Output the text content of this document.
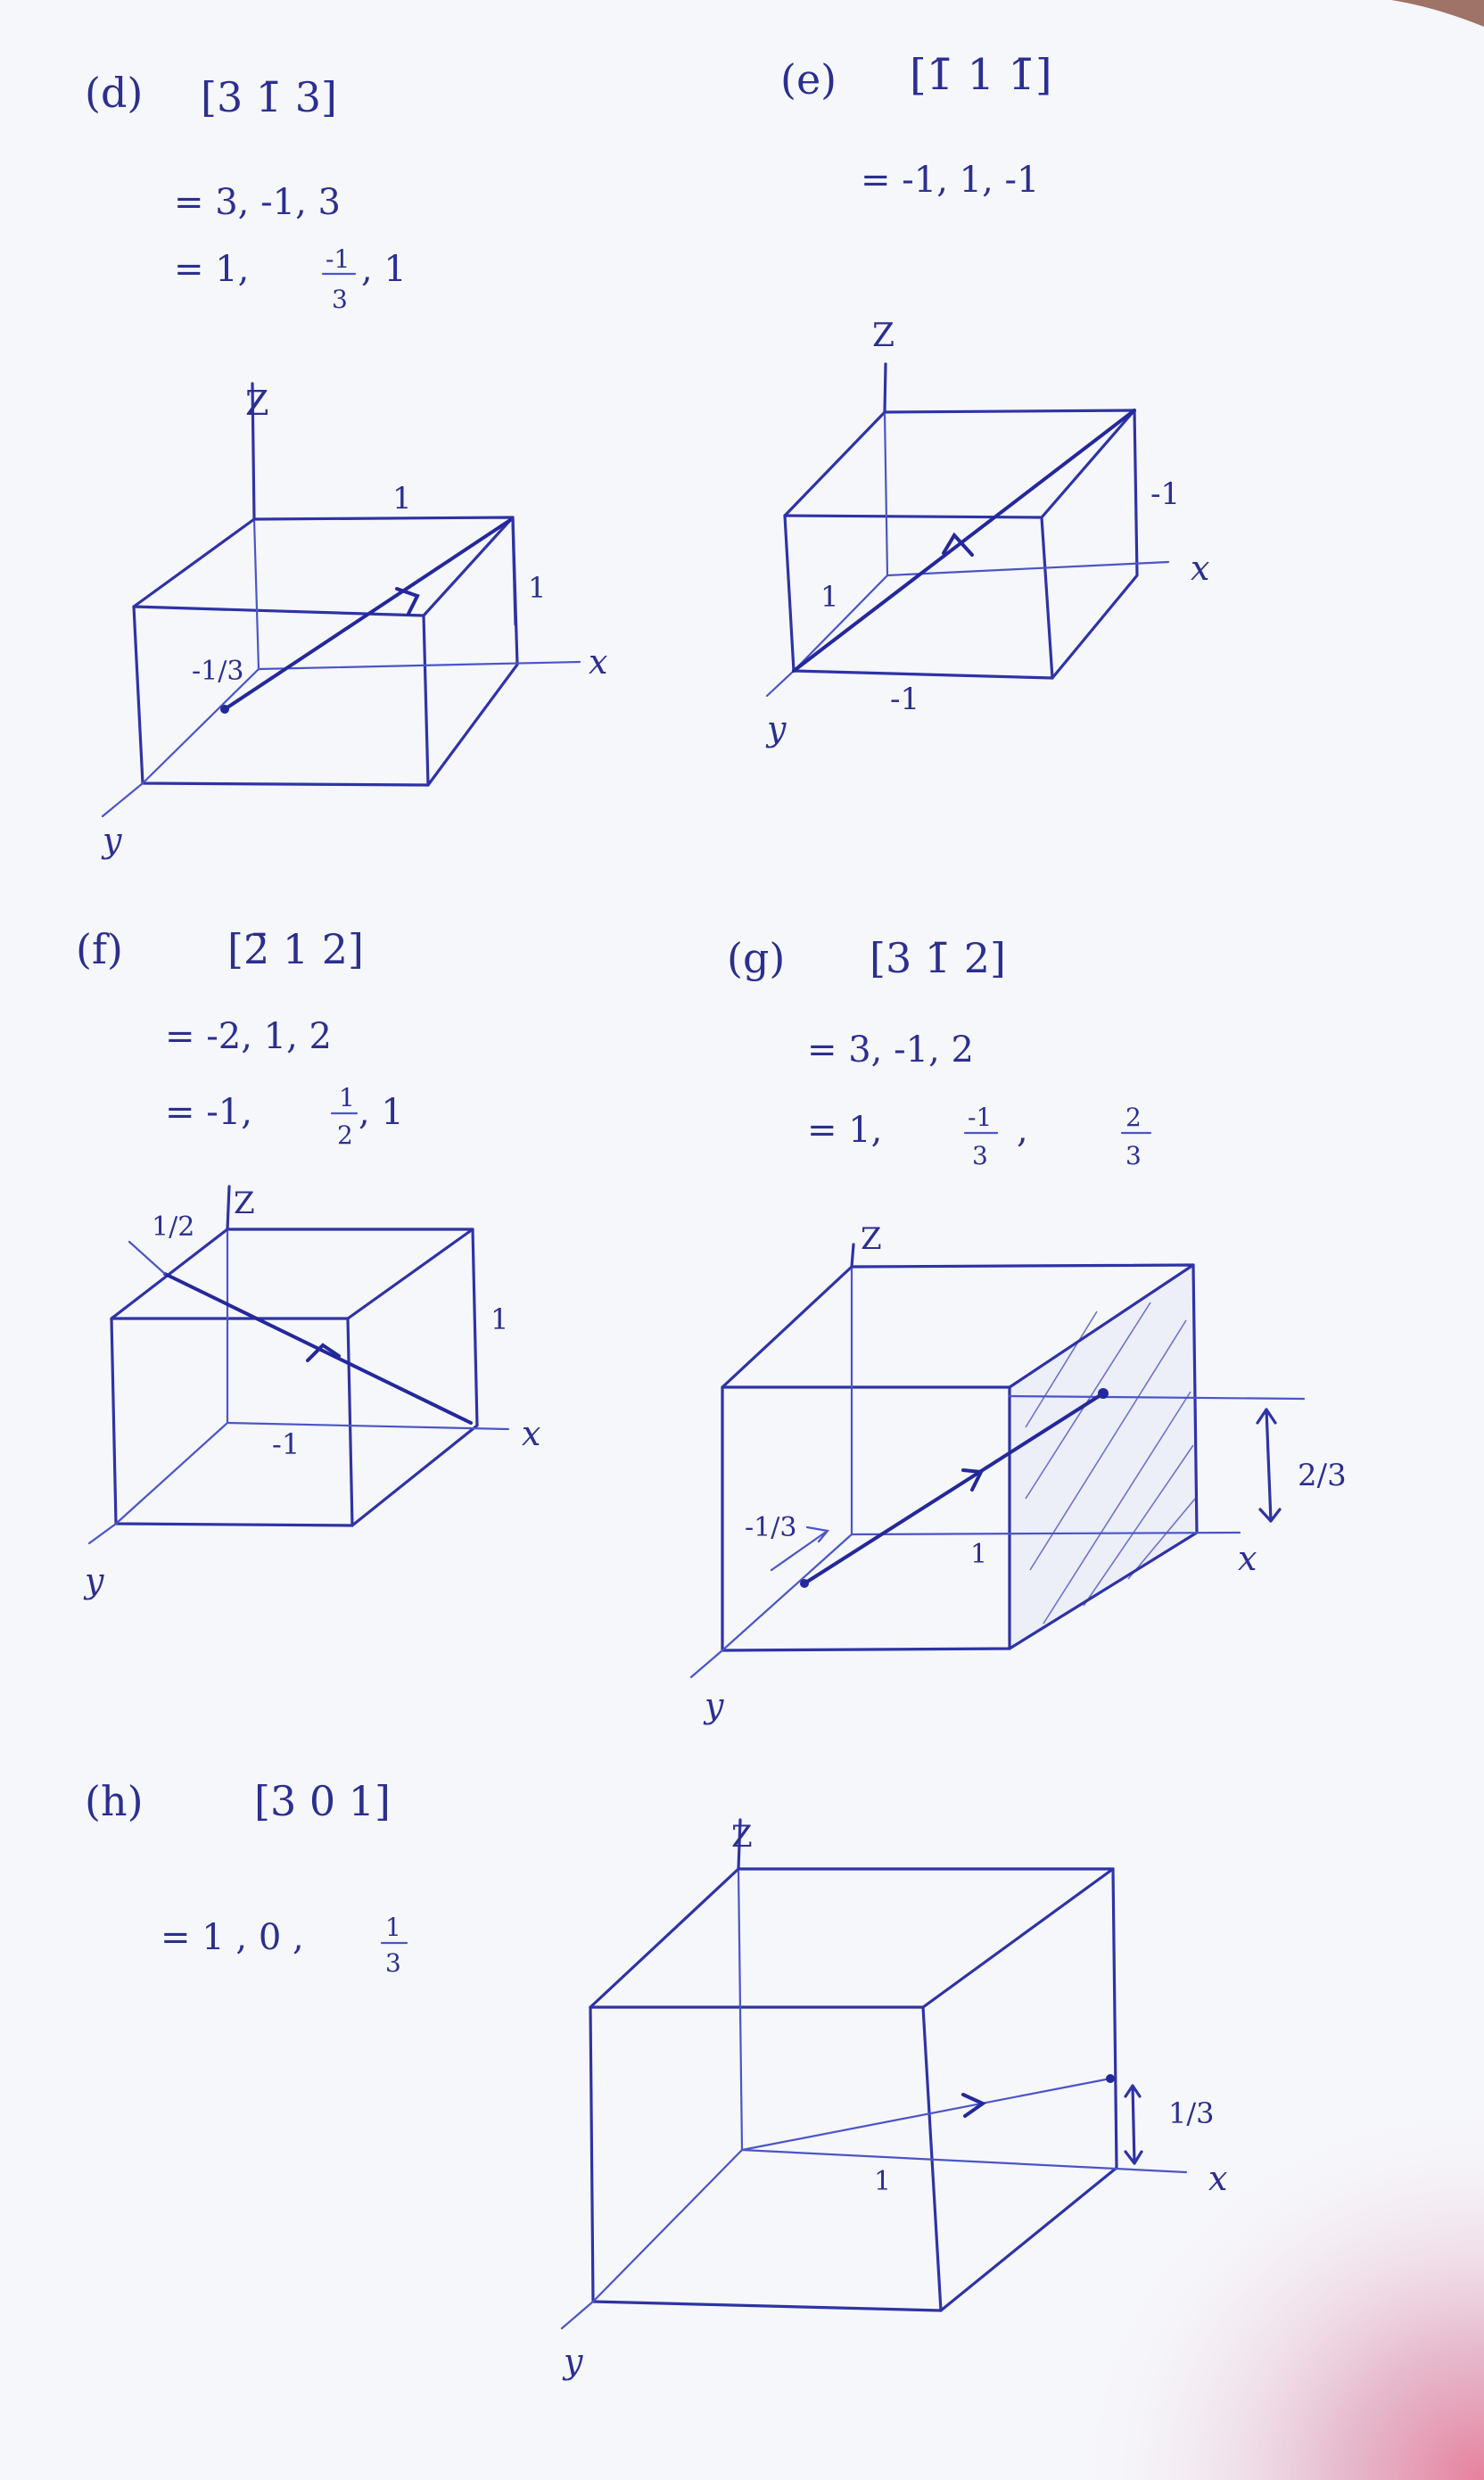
(d) [3 1̄ 3]
= 3, -1, 3
= 1,	-1
3
, 1
Z
x
y
1
1
-1/3
(e) [1̄ 1 1̄]
= -1, 1, -1
Z
x
y
-1
1
-1
(f)	[2̄ 1 2]
= -2, 1, 2
= -1,	1
2
, 1
Z
x
y
1/2
1
-1
(g) [3 1̄ 2]
= 3, -1, 2
= 1,	-1
3
,	2
3
Z
x
y
2/3
-1/3
1
(h)	[3 0 1]
= 1 , 0 ,	1
3
Z
x
y
1/3
1
